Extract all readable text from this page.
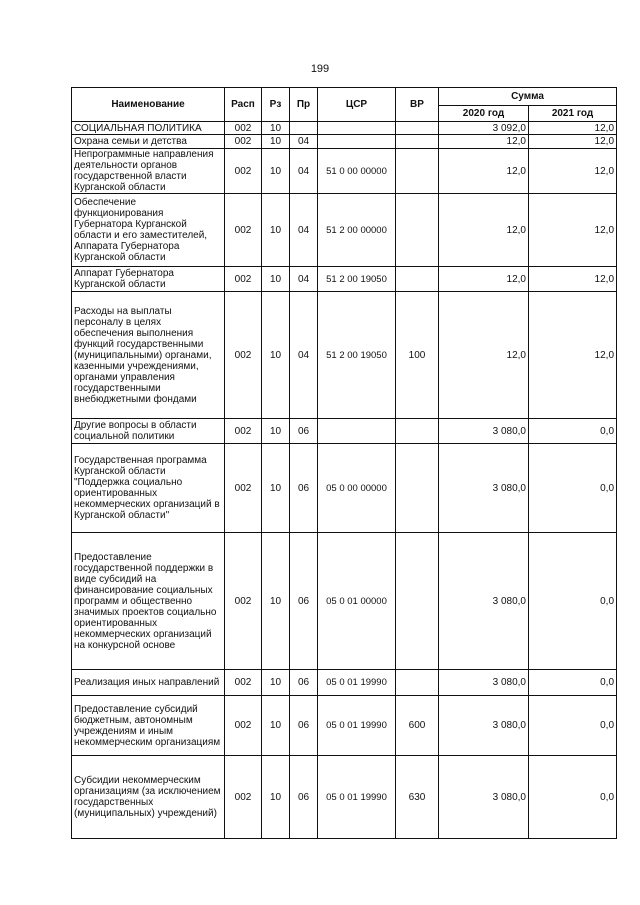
199
Наименование	Расп	Рз	Пр	ЦСР	ВР	Сумма	
						2020 год	2021 год
СОЦИАЛЬНАЯ ПОЛИТИКА	002	10				3 092,0	12,0
Охрана семьи и детства	002	10	04			12,0	12,0
Непрограммные направления деятельности органов государственной власти Курганской области	002	10	04	51 0 00 00000		12,0	12,0
Обеспечение функционирования Губернатора Курганской области и его заместителей, Аппарата Губернатора Курганской области	002	10	04	51 2 00 00000		12,0	12,0
Аппарат Губернатора Курганской области	002	10	04	51 2 00 19050		12,0	12,0
Расходы на выплаты персоналу в целях обеспечения выполнения функций государственными (муниципальными) органами, казенными учреждениями, органами управления государственными внебюджетными фондами	002	10	04	51 2 00 19050	100	12,0	12,0
Другие вопросы в области социальной политики	002	10	06			3 080,0	0,0
Государственная программа Курганской области "Поддержка социально ориентированных некоммерческих организаций в Курганской области"	002	10	06	05 0 00 00000		3 080,0	0,0
Предоставление государственной поддержки в виде субсидий на финансирование социальных программ и общественно значимых проектов социально ориентированных некоммерческих организаций на конкурсной основе	002	10	06	05 0 01 00000		3 080,0	0,0
Реализация иных направлений	002	10	06	05 0 01 19990		3 080,0	0,0
Предоставление субсидий бюджетным, автономным учреждениям и иным некоммерческим организациям	002	10	06	05 0 01 19990	600	3 080,0	0,0
Субсидии некоммерческим организациям (за исключением государственных (муниципальных) учреждений)	002	10	06	05 0 01 19990	630	3 080,0	0,0
